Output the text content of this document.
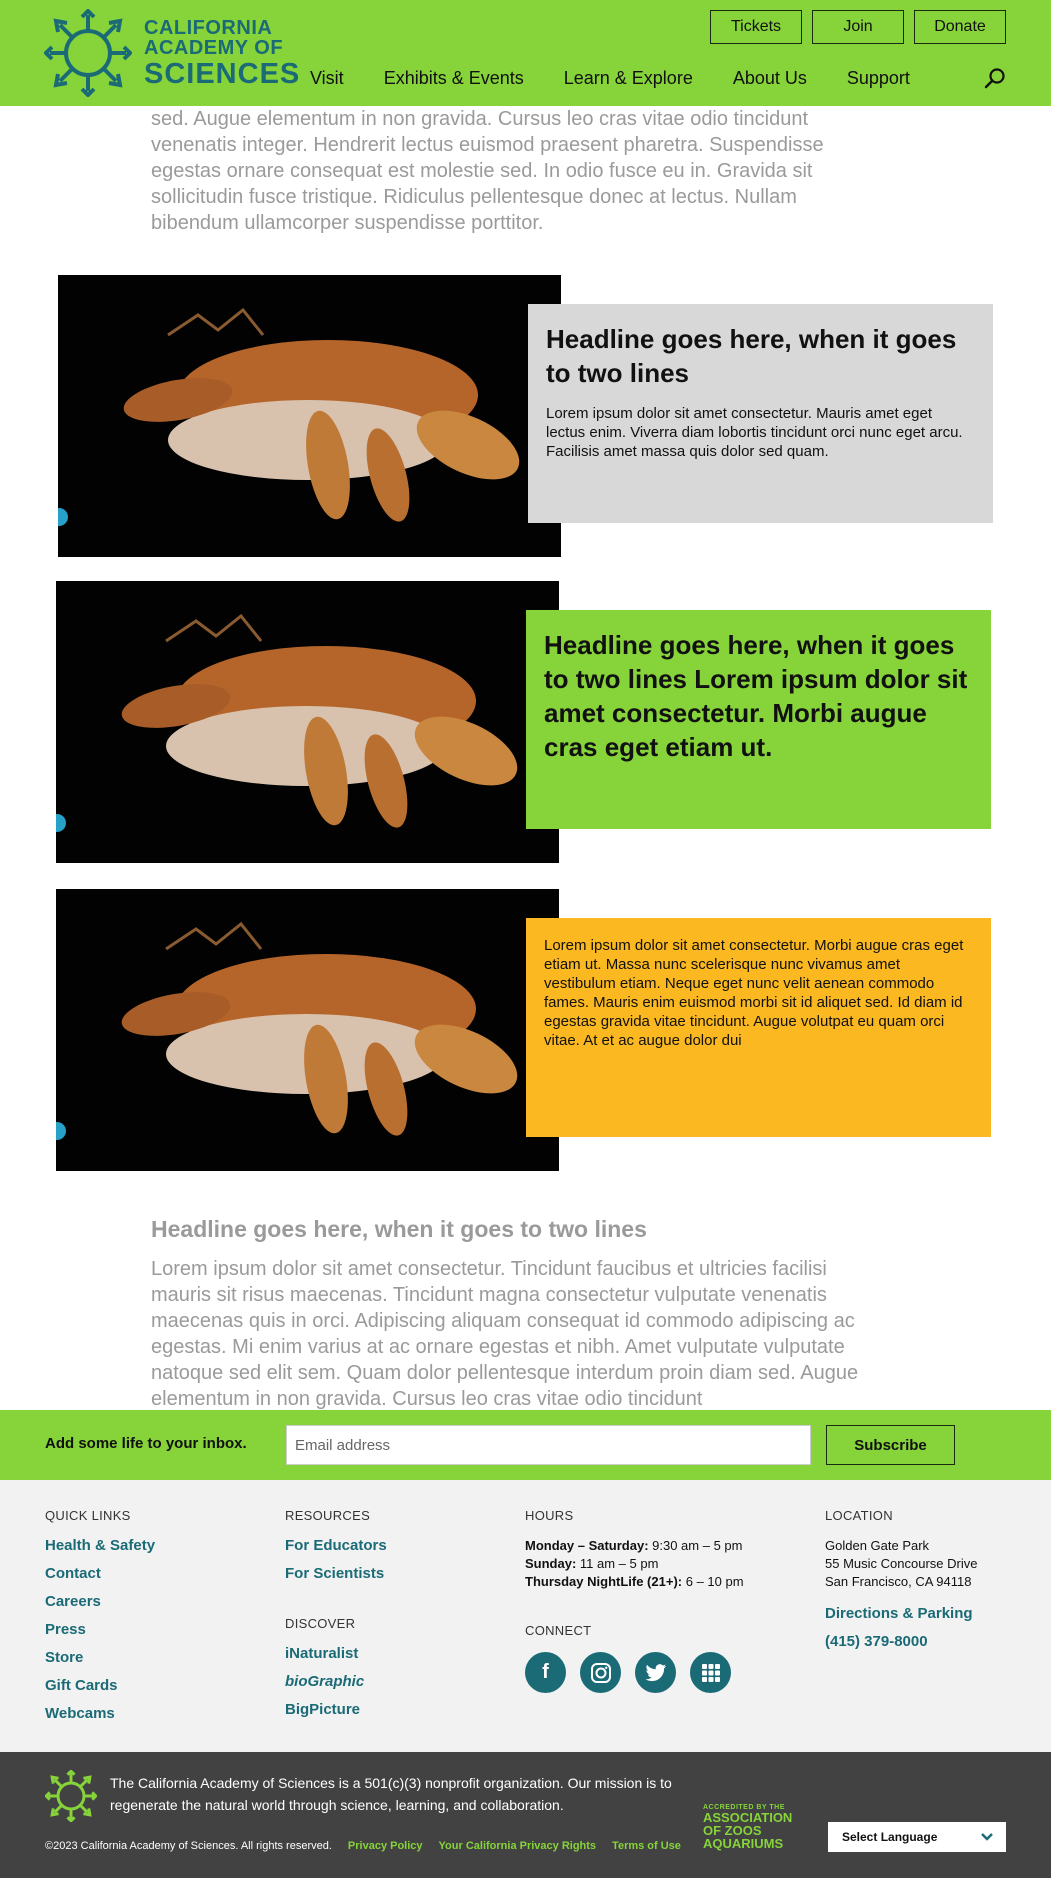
CALIFORNIA
ACADEMY OF
SCIENCES
Tickets	Join	Donate
Visit Exhibits & Events Learn & Explore About Us Support

sed. Augue elementum in non gravida. Cursus leo cras vitae odio tincidunt venenatis integer. Hendrerit lectus euismod praesent pharetra. Suspendisse egestas ornare consequat est molestie sed. In odio fusce eu in. Gravida sit sollicitudin fusce tristique. Ridiculus pellentesque donec at lectus. Nullam bibendum ullamcorper suspendisse porttitor.

Headline goes here, when it goes to two lines

Lorem ipsum dolor sit amet consectetur. Mauris amet eget lectus enim. Viverra diam lobortis tincidunt orci nunc eget arcu. Facilisis amet massa quis dolor sed quam.

Headline goes here, when it goes to two lines Lorem ipsum dolor sit amet consectetur. Morbi augue cras eget etiam ut.

Lorem ipsum dolor sit amet consectetur. Morbi augue cras eget etiam ut. Massa nunc scelerisque nunc vivamus amet vestibulum etiam. Neque eget nunc velit aenean commodo fames. Mauris enim euismod morbi sit id aliquet sed. Id diam id egestas gravida vitae tincidunt. Augue volutpat eu quam orci vitae. At et ac augue dolor dui

Headline goes here, when it goes to two lines

Lorem ipsum dolor sit amet consectetur. Tincidunt faucibus et ultricies facilisi mauris sit risus maecenas. Tincidunt magna consectetur vulputate venenatis maecenas quis in orci. Adipiscing aliquam consequat id commodo adipiscing ac egestas. Mi enim varius at ac ornare egestas et nibh. Amet vulputate vulputate natoque sed elit sem. Quam dolor pellentesque interdum proin diam sed. Augue elementum in non gravida. Cursus leo cras vitae odio tincidunt

Add some life to your inbox.	Email address	Subscribe
QUICK LINKS
Health & Safety
Contact
Careers
Press
Store
Gift Cards
Webcams
RESOURCES
For Educators
For Scientists
DISCOVER
iNaturalist
bioGraphic
BigPicture
HOURS
Monday – Saturday: 9:30 am – 5 pm
Sunday: 11 am – 5 pm
Thursday NightLife (21+): 6 – 10 pm
CONNECT
f
LOCATION
Golden Gate Park
55 Music Concourse Drive
San Francisco, CA 94118
Directions & Parking
(415) 379-8000

The California Academy of Sciences is a 501(c)(3) nonprofit organization. Our mission is to regenerate the natural world through science, learning, and collaboration.

©2023 California Academy of Sciences. All rights reserved. Privacy Policy Your California Privacy Rights Terms of Use
ACCREDITED BY THE
ASSOCIATION
OF ZOOS
AQUARIUMS	Select Language
